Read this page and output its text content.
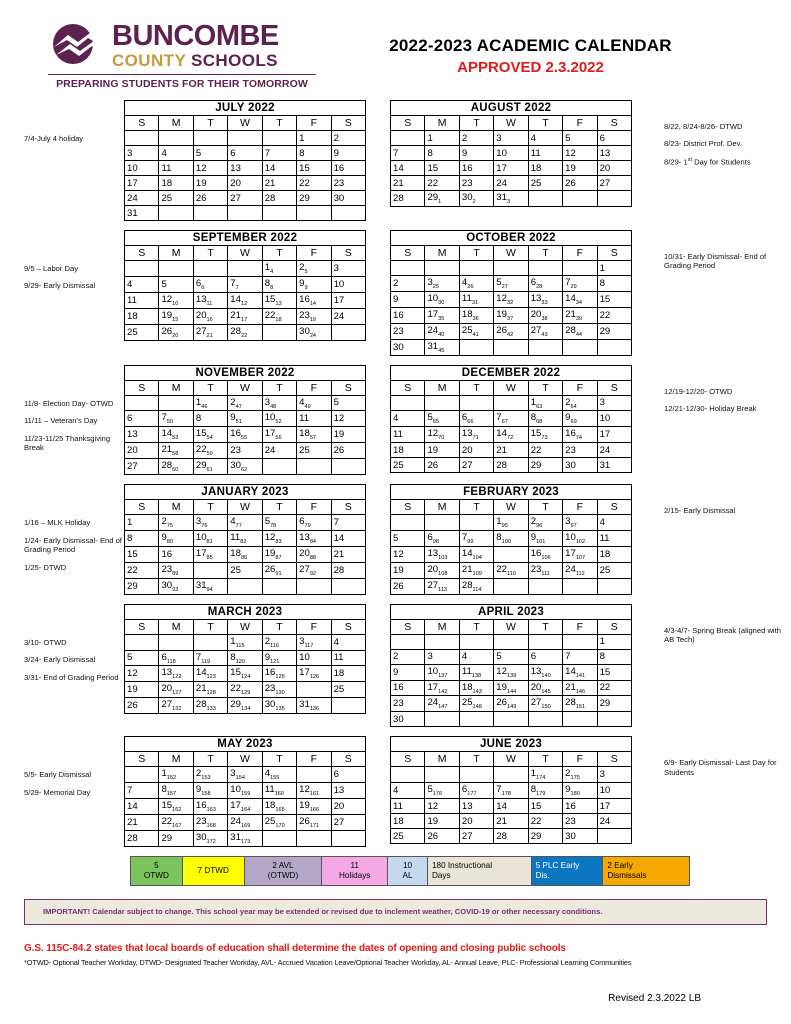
BUNCOMBE
COUNTY SCHOOLS
PREPARING STUDENTS FOR THEIR TOMORROW
2022-2023 ACADEMIC CALENDAR
APPROVED 2.3.2022
7/4-July 4 holiday
JULY 2022						
S	M	T	W	T	F	S
					1	2
3	4	5	6	7	8	9
10	11	12	13	14	15	16
17	18	19	20	21	22	23
24	25	26	27	28	29	30
31						
AUGUST 2022						
S	M	T	W	T	F	S
	1	2	3	4	5	6
7	8	9	10	11	12	13
14	15	16	17	18	19	20
21	22	23	24	25	26	27
28	$29_1$	$30_2$	$31_3$			
8/22, 8/24-8/26- DTWD
8/23- District Prof. Dev.
8/29- 1st Day for Students
9/5 – Labor Day
9/29- Early Dismissal
SEPTEMBER 2022						
S	M	T	W	T	F	S
				$1_4$	$2_5$	3
4	5	$6_6$	$7_7$	$8_8$	$9_9$	10
11	$12_{10}$	$13_{11}$	$14_{12}$	$15_{13}$	$16_{14}$	17
18	$19_{15}$	$20_{16}$	$21_{17}$	$22_{18}$	$23_{19}$	24
25	$26_{20}$	$27_{21}$	$28_{22}$	$29_{23}$	$30_{24}$	
OCTOBER 2022						
S	M	T	W	T	F	S
						1
2	$3_{25}$	$4_{26}$	$5_{27}$	$6_{28}$	$7_{29}$	8
9	$10_{30}$	$11_{31}$	$12_{32}$	$13_{33}$	$14_{34}$	15
16	$17_{35}$	$18_{36}$	$19_{37}$	$20_{38}$	$21_{39}$	22
23	$24_{40}$	$25_{41}$	$26_{42}$	$27_{43}$	$28_{44}$	29
30	$31_{45}$					
10/31- Early Dismissal- End of Grading Period
11/8- Election Day- OTWD
11/11 – Veteran's Day
11/23-11/25 Thanksgiving Break
NOVEMBER 2022						
S	M	T	W	T	F	S
		$1_{46}$	$2_{47}$	$3_{48}$	$4_{49}$	5
6	$7_{50}$	8	$9_{51}$	$10_{52}$	11	12
13	$14_{53}$	$15_{54}$	$16_{55}$	$17_{56}$	$18_{57}$	19
20	$21_{58}$	$22_{59}$	23	24	25	26
27	$28_{60}$	$29_{61}$	$30_{62}$			
DECEMBER 2022						
S	M	T	W	T	F	S
				$1_{63}$	$2_{64}$	3
4	$5_{65}$	$6_{66}$	$7_{67}$	$8_{68}$	$9_{69}$	10
11	$12_{70}$	$13_{71}$	$14_{72}$	$15_{73}$	$16_{74}$	17
18	19	20	21	22	23	24
25	26	27	28	29	30	31
12/19-12/20- OTWD
12/21-12/30- Holiday Break
1/16 – MLK Holiday
1/24- Early Dismissal- End of Grading Period
1/25- DTWD
JANUARY 2023						
S	M	T	W	T	F	S
1	$2_{75}$	$3_{76}$	$4_{77}$	$5_{78}$	$6_{79}$	7
8	$9_{80}$	$10_{81}$	$11_{82}$	$12_{83}$	$13_{84}$	14
15	16	$17_{85}$	$18_{86}$	$19_{87}$	$20_{88}$	21
22	$23_{89}$	$24_{90}$	25	$26_{91}$	$27_{92}$	28
29	$30_{93}$	$31_{94}$				
FEBRUARY 2023						
S	M	T	W	T	F	S
			$1_{95}$	$2_{96}$	$3_{97}$	4
5	$6_{98}$	$7_{99}$	$8_{100}$	$9_{101}$	$10_{102}$	11
12	$13_{103}$	$14_{104}$	$15_{105}$	$16_{106}$	$17_{107}$	18
19	$20_{108}$	$21_{109}$	$22_{110}$	$23_{111}$	$24_{112}$	25
26	$27_{113}$	$28_{114}$				
2/15- Early Dismissal
3/10- OTWD
3/24- Early Dismissal
3/31- End of Grading Period
MARCH 2023						
S	M	T	W	T	F	S
			$1_{115}$	$2_{116}$	$3_{117}$	4
5	$6_{118}$	$7_{119}$	$8_{120}$	$9_{121}$	10	11
12	$13_{122}$	$14_{123}$	$15_{124}$	$16_{125}$	$17_{126}$	18
19	$20_{127}$	$21_{128}$	$22_{129}$	$23_{130}$	$24_{131}$	25
26	$27_{132}$	$28_{133}$	$29_{134}$	$30_{135}$	$31_{136}$	
APRIL 2023						
S	M	T	W	T	F	S
						1
2	3	4	5	6	7	8
9	$10_{137}$	$11_{138}$	$12_{139}$	$13_{140}$	$14_{141}$	15
16	$17_{142}$	$18_{143}$	$19_{144}$	$20_{145}$	$21_{146}$	22
23	$24_{147}$	$25_{148}$	$26_{149}$	$27_{150}$	$28_{151}$	29
30						
4/3-4/7- Spring Break (aligned with AB Tech)
5/5- Early Dismissal
5/29- Memorial Day
MAY 2023						
S	M	T	W	T	F	S
	$1_{152}$	$2_{153}$	$3_{154}$	$4_{155}$	$5_{156}$	6
7	$8_{157}$	$9_{158}$	$10_{159}$	$11_{160}$	$12_{161}$	13
14	$15_{162}$	$16_{163}$	$17_{164}$	$18_{165}$	$19_{166}$	20
21	$22_{167}$	$23_{168}$	$24_{169}$	$25_{170}$	$26_{171}$	27
28	29	$30_{172}$	$31_{173}$			
JUNE 2023						
S	M	T	W	T	F	S
				$1_{174}$	$2_{175}$	3
4	$5_{176}$	$6_{177}$	$7_{178}$	$8_{179}$	$9_{180}$	10
11	12	13	14	15	16	17
18	19	20	21	22	23	24
25	26	27	28	29	30	
6/9- Early Dismissal- Last Day for Students
5
OTWD
7 DTWD
2 AVL
(OTWD)
11
Holidays
10
AL
180 Instructional
Days
5 PLC Early
Dis.
2 Early
Dismissals
IMPORTANT! Calendar subject to change. This school year may be extended or revised due to inclement weather, COVID-19 or other necessary conditions.
G.S. 115C-84.2 states that local boards of education shall determine the dates of opening and closing public schools
*OTWD- Optional Teacher Workday, DTWD- Designated Teacher Workday, AVL- Accrued Vacation Leave/Optional Teacher Workday, AL- Annual Leave, PLC- Professional Learning Communities
Revised 2.3.2022 LB
